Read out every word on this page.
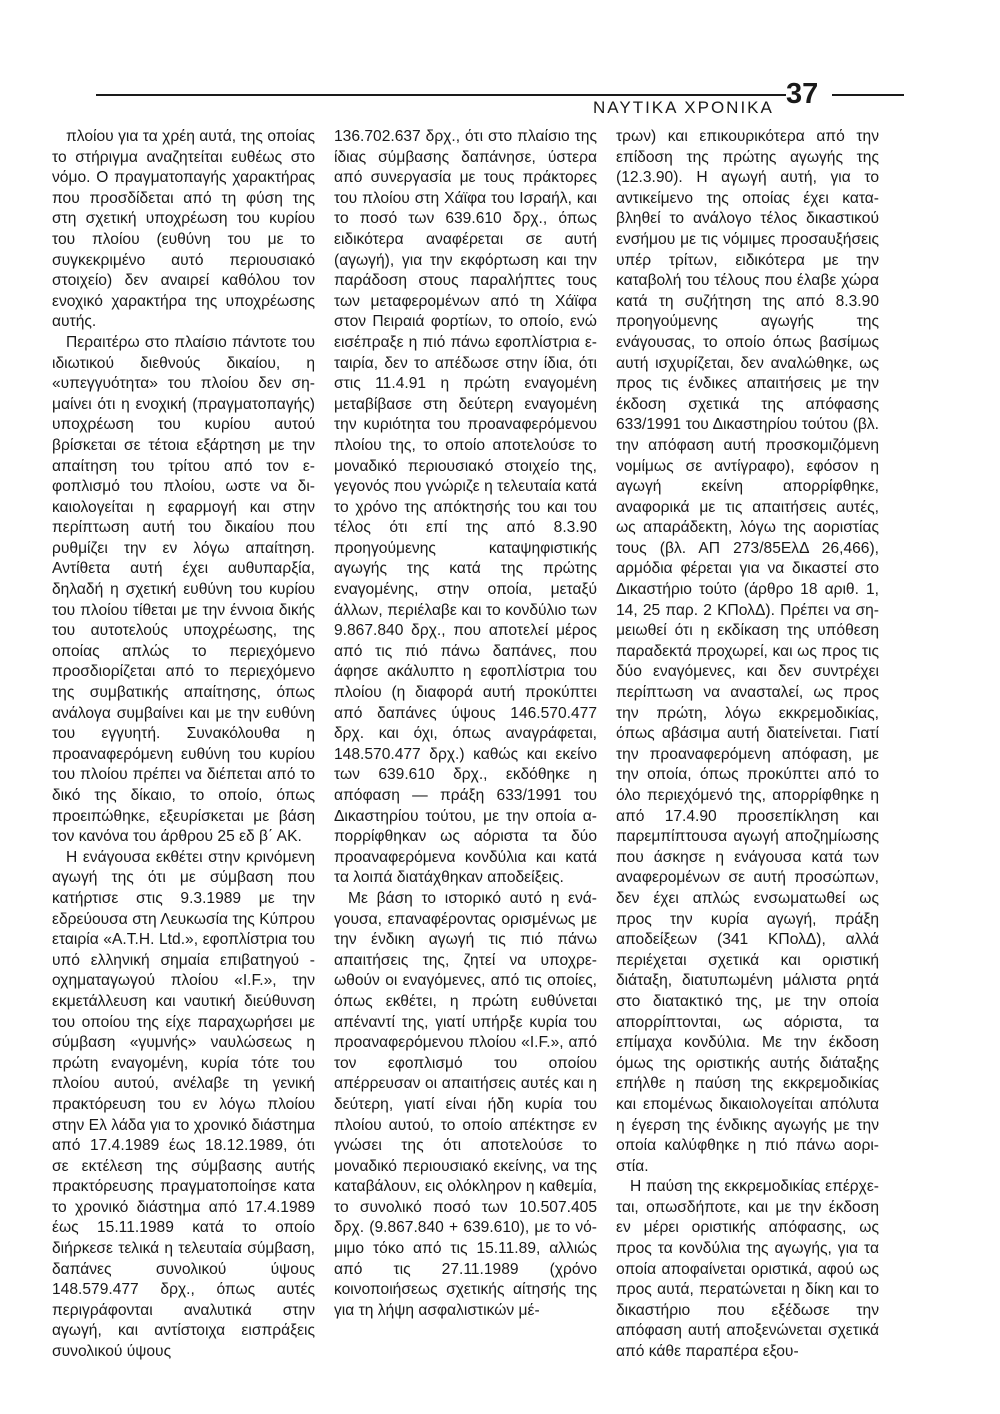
ΝΑΥΤΙΚΑ ΧΡΟΝΙΚΑ 37

πλοίου για τα χρέη αυτά, της οποίας το στήριγμα αναζητείται ευθέως στο νόμο. Ο πραγματοπαγής χαρακτήρας που προσδίδεται από τη φύση της στη σχετική υποχρέωση του κυρίου του πλοίου (ευθύνη του με το συγκεκριμένο αυτό περιουσιακό στοιχείο) δεν αναιρεί καθόλου τον ενοχικό χαρακτήρα της υποχρέωσης αυτής.

Περαιτέρω στο πλαίσιο πάντοτε του ιδιωτικού διεθνούς δικαίου, η «υπεγγυότητα» του πλοίου δεν σημαίνει ότι η ενοχική (πραγματοπαγής) υποχρέωση του κυρίου αυτού βρίσκεται σε τέτοια εξάρτηση με την απαίτηση του τρίτου από τον εφοπλισμό του πλοίου, ωστε να δικαιολογείται η εφαρμογή και στην περίπτωση αυτή του δικαίου που ρυθμίζει την εν λόγω απαίτηση. Αντίθετα αυτή έχει αυθυπαρξία, δηλαδή η σχετική ευθύνη του κυρίου του πλοίου τίθεται με την έννοια δικής του αυτοτελούς υποχρέωσης, της οποίας απλώς το περιεχόμενο προσδιορίζεται από το περιεχόμενο της συμβατικής απαίτησης, όπως ανάλογα συμβαίνει και με την ευθύνη του εγγυητή. Συνακόλουθα η προαναφερόμενη ευθύνη του κυρίου του πλοίου πρέπει να διέπεται από το δικό της δίκαιο, το οποίο, όπως προειπώθηκε, εξευρίσκεται με βάση τον κανόνα του άρθρου 25 εδ β΄ ΑΚ.

Η ενάγουσα εκθέτει στην κρινόμενη αγωγή της ότι με σύμβαση που κατήρτισε στις 9.3.1989 με την εδρεύουσα στη Λευκωσία της Κύπρου εταιρία «Α.Τ.Η. Ltd.», εφοπλίστρια του υπό ελληνική σημαία επιβατηγού - οχηματαγωγού πλοίου «I.F.», την εκμετάλλευση και ναυτική διεύθυνση του οποίου της είχε παραχωρήσει με σύμβαση «γυμνής» ναυλώσεως η πρώτη εναγομένη, κυρία τότε του πλοίου αυτού, ανέλαβε τη γενική πρακτόρευση του εν λόγω πλοίου στην Ελ λάδα για το χρονικό διάστημα από 17.4.1989 έως 18.12.1989, ότι σε εκτέλεση της σύμβασης αυτής πρακτόρευσης πραγματοποίησε κατα το χρονικό διάστημα από 17.4.1989 έως 15.11.1989 κατά το οποίο διήρκεσε τελικά η τελευταία σύμβαση, δαπάνες συνολικού ύψους 148.579.477 δρχ., όπως αυτές περιγράφονται αναλυτικά στην αγωγή, και αντίστοιχα εισπράξεις συνολικού ύψους

136.702.637 δρχ., ότι στο πλαίσιο της ίδιας σύμβασης δαπάνησε, ύστερα από συνεργασία με τους πράκτορες του πλοίου στη Χάϊφα του Ισραήλ, και το ποσό των 639.610 δρχ., όπως ειδικότερα αναφέρεται σε αυτή (αγωγή), για την εκφόρτωση και την παράδοση στους παραλήπτες τους των μεταφερομένων από τη Χάϊφα στον Πειραιά φορτίων, το οποίο, ενώ εισέπραξε η πιό πάνω εφοπλίστρια εταιρία, δεν το απέδωσε στην ίδια, ότι στις 11.4.91 η πρώτη εναγομένη μεταβίβασε στη δεύτερη εναγομένη την κυριότητα του προαναφερόμενου πλοίου της, το οποίο αποτελούσε το μοναδικό περιουσιακό στοιχείο της, γεγονός που γνώριζε η τελευταία κατά το χρόνο της απόκτησής του και του τέλος ότι επί της από 8.3.90 προηγούμενης καταψηφιστικής αγωγής της κατά της πρώτης εναγομένης, στην οποία, μεταξύ άλλων, περιέλαβε και το κονδύλιο των 9.867.840 δρχ., που αποτελεί μέρος από τις πιό πάνω δαπάνες, που άφησε ακάλυπτο η εφοπλίστρια του πλοίου (η διαφορά αυτή προκύπτει από δαπάνες ύψους 146.570.477 δρχ. και όχι, όπως αναγράφεται, 148.570.477 δρχ.) καθώς και εκείνο των 639.610 δρχ., εκδόθηκε η απόφαση — πράξη 633/1991 του Δικαστηρίου τούτου, με την οποία απορρίφθηκαν ως αόριστα τα δύο προαναφερόμενα κονδύλια και κατά τα λοιπά διατάχθηκαν αποδείξεις.

Με βάση το ιστορικό αυτό η ενάγουσα, επαναφέροντας ορισμένως με την ένδικη αγωγή τις πιό πάνω απαιτήσεις της, ζητεί να υποχρεωθούν οι εναγόμενες, από τις οποίες, όπως εκθέτει, η πρώτη ευθύνεται απέναντί της, γιατί υπήρξε κυρία του προαναφερόμενου πλοίου «I.F.», από τον εφοπλισμό του οποίου απέρρευσαν οι απαιτήσεις αυτές και η δεύτερη, γιατί είναι ήδη κυρία του πλοίου αυτού, το οποίο απέκτησε εν γνώσει της ότι αποτελούσε το μοναδικό περιουσιακό εκείνης, να της καταβάλουν, εις ολόκληρον η καθεμία, το συνολικό ποσό των 10.507.405 δρχ. (9.867.840 + 639.610), με το νόμιμο τόκο από τις 15.11.89, αλλιώς από τις 27.11.1989 (χρόνο κοινοποιήσεως σχετικής αίτησής της για τη λήψη ασφαλιστικών μέ-

τρων) και επικουρικότερα από την επίδοση της πρώτης αγωγής της (12.3.90). Η αγωγή αυτή, για το αντικείμενο της οποίας έχει καταβληθεί το ανάλογο τέλος δικαστικού ενσήμου με τις νόμιμες προσαυξήσεις υπέρ τρίτων, ειδικότερα με την καταβολή του τέλους που έλαβε χώρα κατά τη συζήτηση της από 8.3.90 προηγούμενης αγωγής της ενάγουσας, το οποίο όπως βασίμως αυτή ισχυρίζεται, δεν αναλώθηκε, ως προς τις ένδικες απαιτήσεις με την έκδοση σχετικά της απόφασης 633/1991 του Δικαστηρίου τούτου (βλ. την απόφαση αυτή προσκομιζόμενη νομίμως σε αντίγραφο), εφόσον η αγωγή εκείνη απορρίφθηκε, αναφορικά με τις απαιτήσεις αυτές, ως απαράδεκτη, λόγω της αοριστίας τους (βλ. ΑΠ 273/85ΕλΔ 26,466), αρμόδια φέρεται για να δικαστεί στο Δικαστήριο τούτο (άρθρο 18 αριθ. 1, 14, 25 παρ. 2 ΚΠολΔ). Πρέπει να σημειωθεί ότι η εκδίκαση της υπόθεση παραδεκτά προχωρεί, και ως προς τις δύο εναγόμενες, και δεν συντρέχει περίπτωση να ανασταλεί, ως προς την πρώτη, λόγω εκκρεμοδικίας, όπως αβάσιμα αυτή διατείνεται. Γιατί την προαναφερόμενη απόφαση, με την οποία, όπως προκύπτει από το όλο περιεχόμενό της, απορρίφθηκε η από 17.4.90 προσεπίκληση και παρεμπίπτουσα αγωγή αποζημίωσης που άσκησε η ενάγουσα κατά των αναφερομένων σε αυτή προσώπων, δεν έχει απλώς ενσωματωθεί ως προς την κυρία αγωγή, πράξη αποδείξεων (341 ΚΠολΔ), αλλά περιέχεται σχετικά και οριστική διάταξη, διατυπωμένη μάλιστα ρητά στο διατακτικό της, με την οποία απορρίπτονται, ως αόριστα, τα επίμαχα κονδύλια. Με την έκδοση όμως της οριστικής αυτής διάταξης επήλθε η παύση της εκκρεμοδικίας και επομένως δικαιολογείται απόλυτα η έγερση της ένδικης αγωγής με την οποία καλύφθηκε η πιό πάνω αοριστία.

Η παύση της εκκρεμοδικίας επέρχεται, οπωσδήποτε, και με την έκδοση εν μέρει οριστικής απόφασης, ως προς τα κονδύλια της αγωγής, για τα οποία αποφαίνεται οριστικά, αφού ως προς αυτά, περατώνεται η δίκη και το δικαστήριο που εξέδωσε την απόφαση αυτή αποξενώνεται σχετικά από κάθε παραπέρα εξου-
